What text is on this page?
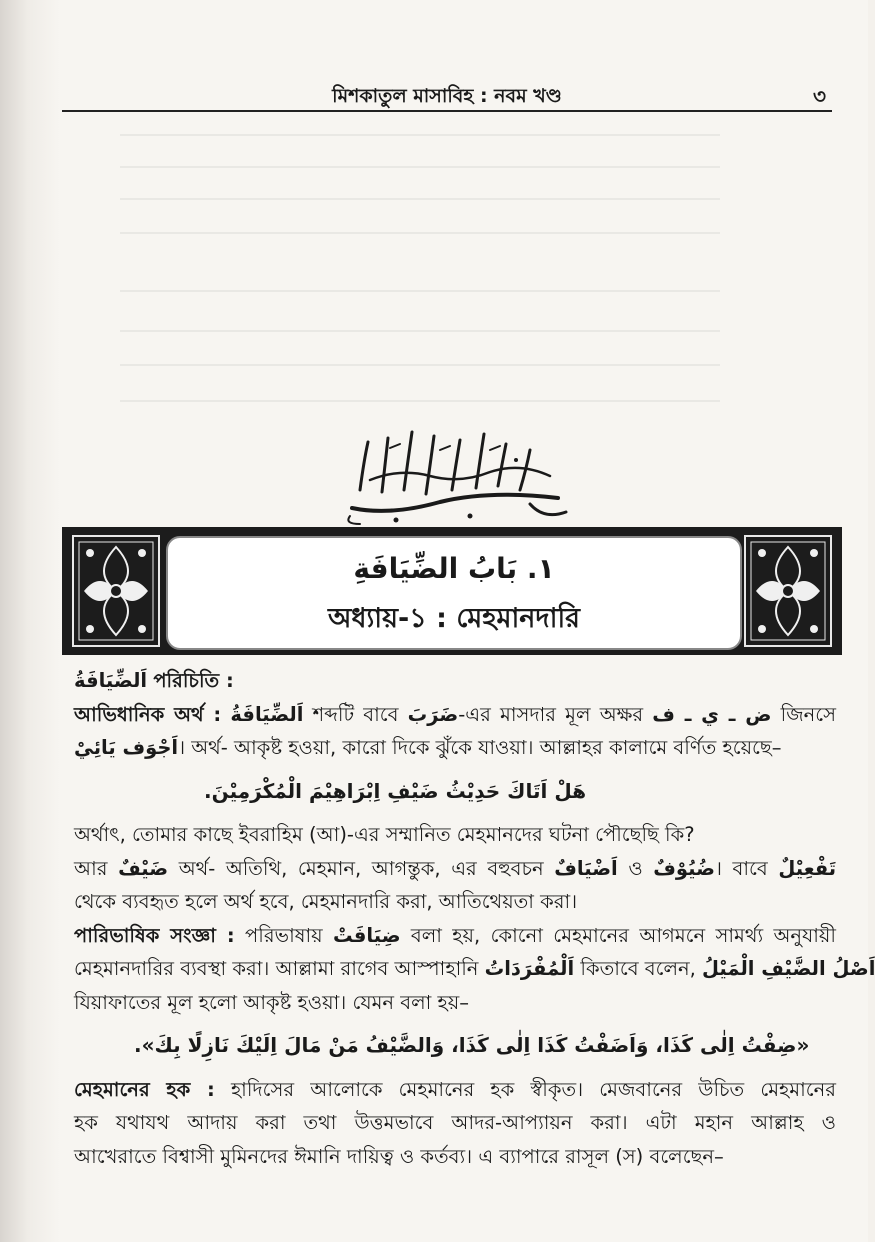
মিশকাতুল মাসাবিহ : নবম খণ্ড	৩
١. بَابُ الضِّيَافَةِ
অধ্যায়-১ : মেহমানদারি
اَلضِّيَافَةُ পরিচিতি :
আভিধানিক অর্থ : اَلضِّيَافَةُ শব্দটি বাবে ضَرَبَ-এর মাসদার মূল অক্ষর ض ـ ي ـ ف জিনসে
اَجْوَف يَائِيْ। অর্থ- আকৃষ্ট হওয়া, কারো দিকে ঝুঁকে যাওয়া। আল্লাহর কালামে বর্ণিত হয়েছে–
هَلْ اَتَاكَ حَدِيْثُ ضَيْفِ اِبْرَاهِيْمَ الْمُكْرَمِيْنَ.
অর্থাৎ, তোমার কাছে ইবরাহিম (আ)-এর সম্মানিত মেহমানদের ঘটনা পৌছেছি কি?
আর ضَيْفٌ অর্থ- অতিথি, মেহমান, আগন্তুক, এর বহুবচন اَضْيَافٌ ও ضُيُوْفٌ। বাবে تَفْعِيْلٌ
থেকে ব্যবহৃত হলে অর্থ হবে, মেহমানদারি করা, আতিথেয়তা করা।
পারিভাষিক সংজ্ঞা : পরিভাষায় ضِيَافَتْ বলা হয়, কোনো মেহমানের আগমনে সামর্থ্য অনুযায়ী
মেহমানদারির ব্যবস্থা করা। আল্লামা রাগেব আস্পাহানি اَلْمُفْرَدَاتُ কিতাবে বলেন, اَصْلُ الضَّيْفِ الْمَيْلُ
যিয়াফাতের মূল হলো আকৃষ্ট হওয়া। যেমন বলা হয়–
«ضِفْتُ اِلٰى كَذَا، وَاَضَفْتُ كَذَا اِلٰى كَذَا، وَالضَّيْفُ مَنْ مَالَ اِلَيْكَ نَازِلًا بِكَ».
মেহমানের হক : হাদিসের আলোকে মেহমানের হক স্বীকৃত। মেজবানের উচিত মেহমানের
হক যথাযথ আদায় করা তথা উত্তমভাবে আদর-আপ্যায়ন করা। এটা মহান আল্লাহ ও
আখেরাতে বিশ্বাসী মুমিনদের ঈমানি দায়িত্ব ও কর্তব্য। এ ব্যাপারে রাসূল (স) বলেছেন–
